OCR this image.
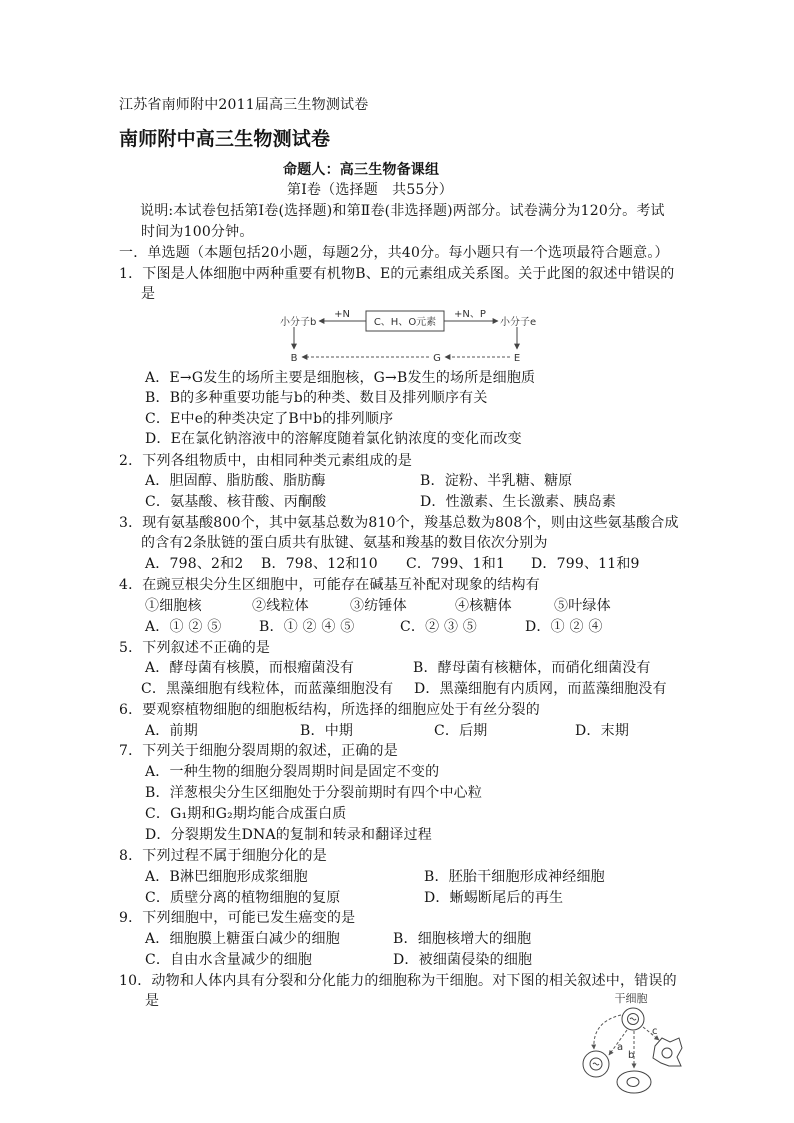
江苏省南师附中2011届高三生物测试卷
南师附中高三生物测试卷
命题人：高三生物备课组
第Ⅰ卷（选择题　共55分）
说明:本试卷包括第Ⅰ卷(选择题)和第Ⅱ卷(非选择题)两部分。试卷满分为120分。考试
时间为100分钟。
一．单选题（本题包括20小题，每题2分，共40分。每小题只有一个选项最符合题意。）
1．下图是人体细胞中两种重要有机物B、E的元素组成关系图。关于此图的叙述中错误的
是
小分子b
+N
C、H、O元素
+N、P
小分子e
B	E
G
A．E→G发生的场所主要是细胞核，G→B发生的场所是细胞质
B．B的多种重要功能与b的种类、数目及排列顺序有关
C．E中e的种类决定了B中b的排列顺序
D．E在氯化钠溶液中的溶解度随着氯化钠浓度的变化而改变
2．下列各组物质中，由相同种类元素组成的是
A．胆固醇、脂肪酸、脂肪酶	B．淀粉、半乳糖、糖原
C．氨基酸、核苷酸、丙酮酸	D．性激素、生长激素、胰岛素
3．现有氨基酸800个，其中氨基总数为810个，羧基总数为808个，则由这些氨基酸合成
的含有2条肽链的蛋白质共有肽键、氨基和羧基的数目依次分别为
A．798、2和2 B．798、12和10 C．799、1和1 D．799、11和9
4．在豌豆根尖分生区细胞中，可能存在碱基互补配对现象的结构有
①细胞核	②线粒体	③纺锤体	④核糖体	⑤叶绿体
A．① ② ⑤	B．① ② ④ ⑤	C．② ③ ⑤	D．① ② ④
5．下列叙述不正确的是
A．酵母菌有核膜，而根瘤菌没有	B．酵母菌有核糖体，而硝化细菌没有
C．黑藻细胞有线粒体，而蓝藻细胞没有 D．黑藻细胞有内质网，而蓝藻细胞没有
6．要观察植物细胞的细胞板结构，所选择的细胞应处于有丝分裂的
A．前期	B．中期	C．后期	D．末期
7．下列关于细胞分裂周期的叙述，正确的是
A．一种生物的细胞分裂周期时间是固定不变的
B．洋葱根尖分生区细胞处于分裂前期时有四个中心粒
C．G₁期和G₂期均能合成蛋白质
D．分裂期发生DNA的复制和转录和翻译过程
8．下列过程不属于细胞分化的是
A．B淋巴细胞形成浆细胞	B．胚胎干细胞形成神经细胞
C．质壁分离的植物细胞的复原	D．蜥蜴断尾后的再生
9．下列细胞中，可能已发生癌变的是
A．细胞膜上糖蛋白减少的细胞	B．细胞核增大的细胞
C．自由水含量减少的细胞	D．被细菌侵染的细胞
10．动物和人体内具有分裂和分化能力的细胞称为干细胞。对下图的相关叙述中，错误的
是	干细胞
a
b
c
